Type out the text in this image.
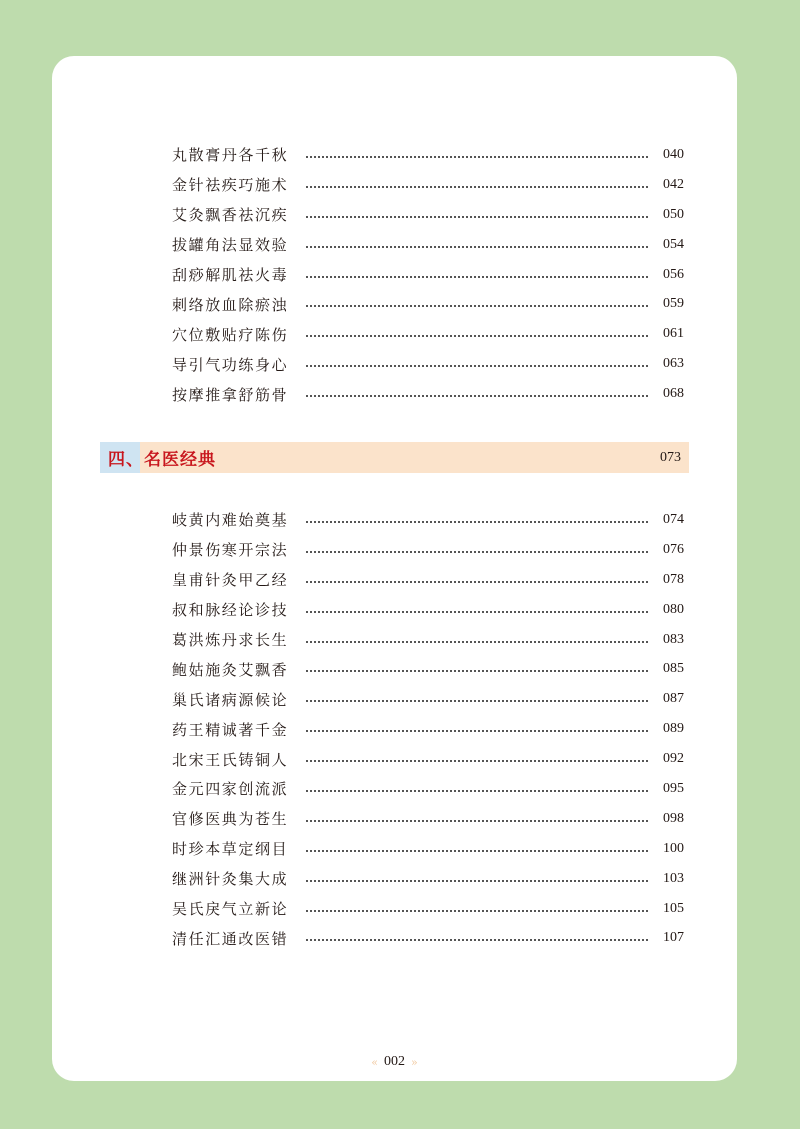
丸散膏丹各千秋	040
金针祛疾巧施术	042
艾灸飘香祛沉疾	050
拔罐角法显效验	054
刮痧解肌祛火毒	056
刺络放血除瘀浊	059
穴位敷贴疗陈伤	061
导引气功练身心	063
按摩推拿舒筋骨	068
四、名医经典	073
岐黄内难始奠基	074
仲景伤寒开宗法	076
皇甫针灸甲乙经	078
叔和脉经论诊技	080
葛洪炼丹求长生	083
鲍姑施灸艾飘香	085
巢氏诸病源候论	087
药王精诚著千金	089
北宋王氏铸铜人	092
金元四家创流派	095
官修医典为苍生	098
时珍本草定纲目	100
继洲针灸集大成	103
吴氏戾气立新论	105
清任汇通改医错	107
« 002 »
